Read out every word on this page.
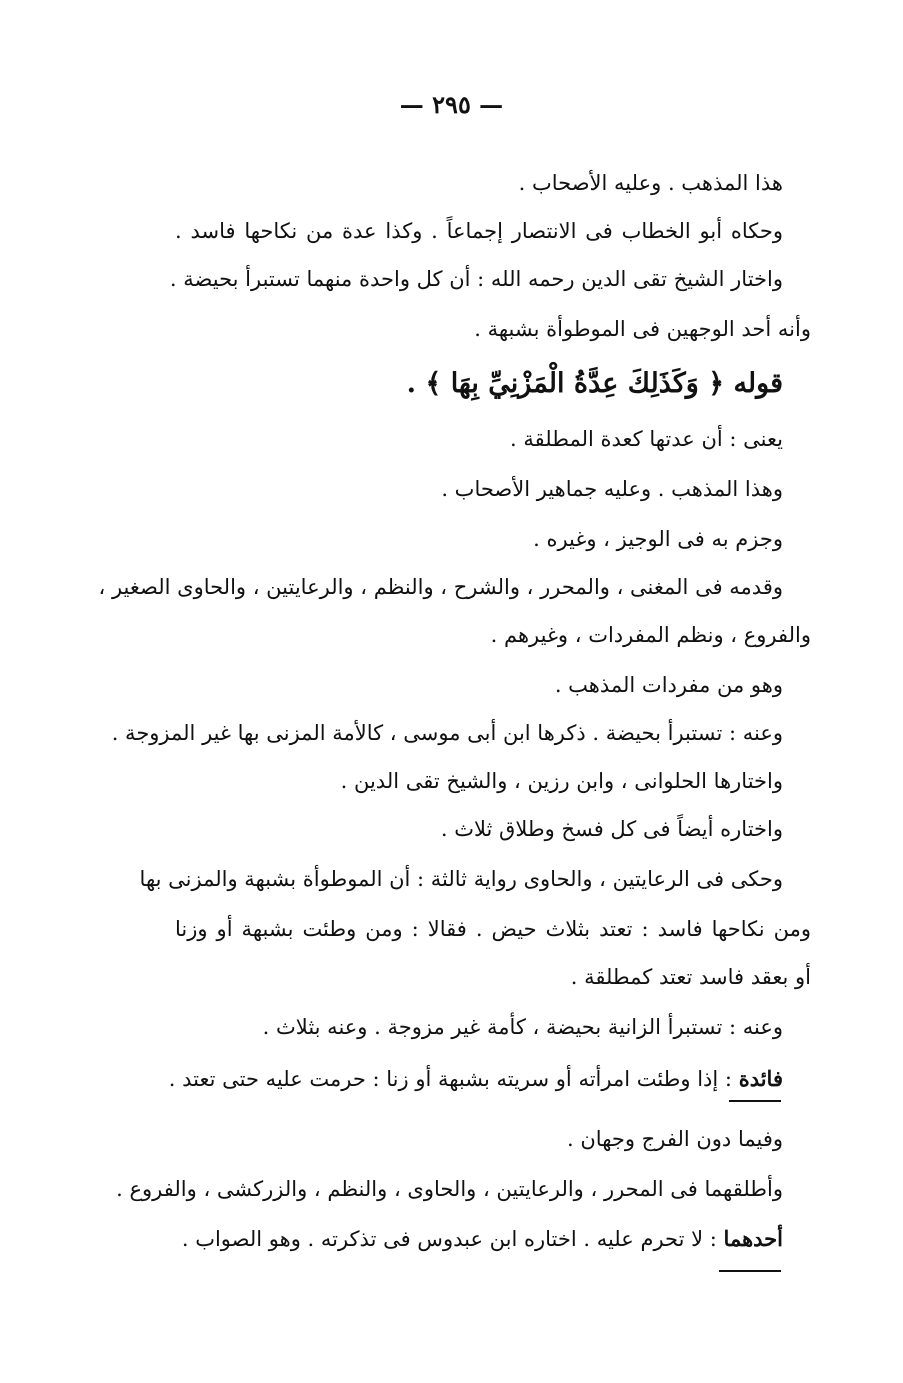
— ٢٩٥ —
هذا المذهب . وعليه الأصحاب .
وحكاه أبو الخطاب فى الانتصار إجماعاً . وكذا عدة من نكاحها فاسد .
واختار الشيخ تقى الدين رحمه الله : أن كل واحدة منهما تستبرأ بحيضة .
وأنه أحد الوجهين فى الموطوأة بشبهة .
قوله ﴿ وَكَذَلِكَ عِدَّةُ الْمَزْنِيِّ بِهَا ﴾ .
يعنى : أن عدتها كعدة المطلقة .
وهذا المذهب . وعليه جماهير الأصحاب .
وجزم به فى الوجيز ، وغيره .
وقدمه فى المغنى ، والمحرر ، والشرح ، والنظم ، والرعايتين ، والحاوى الصغير ،
والفروع ، ونظم المفردات ، وغيرهم .
وهو من مفردات المذهب .
وعنه : تستبرأ بحيضة . ذكرها ابن أبى موسى ، كالأمة المزنى بها غير المزوجة .
واختارها الحلوانى ، وابن رزين ، والشيخ تقى الدين .
واختاره أيضاً فى كل فسخ وطلاق ثلاث .
وحكى فى الرعايتين ، والحاوى رواية ثالثة : أن الموطوأة بشبهة والمزنى بها
ومن نكاحها فاسد : تعتد بثلاث حيض . فقالا : ومن وطئت بشبهة أو وزنا
أو بعقد فاسد تعتد كمطلقة .
وعنه : تستبرأ الزانية بحيضة ، كأمة غير مزوجة . وعنه بثلاث .
فائدة : إذا وطئت امرأته أو سريته بشبهة أو زنا : حرمت عليه حتى تعتد .
وفيما دون الفرج وجهان .
وأطلقهما فى المحرر ، والرعايتين ، والحاوى ، والنظم ، والزركشى ، والفروع .
أحدهما : لا تحرم عليه . اختاره ابن عبدوس فى تذكرته . وهو الصواب .
